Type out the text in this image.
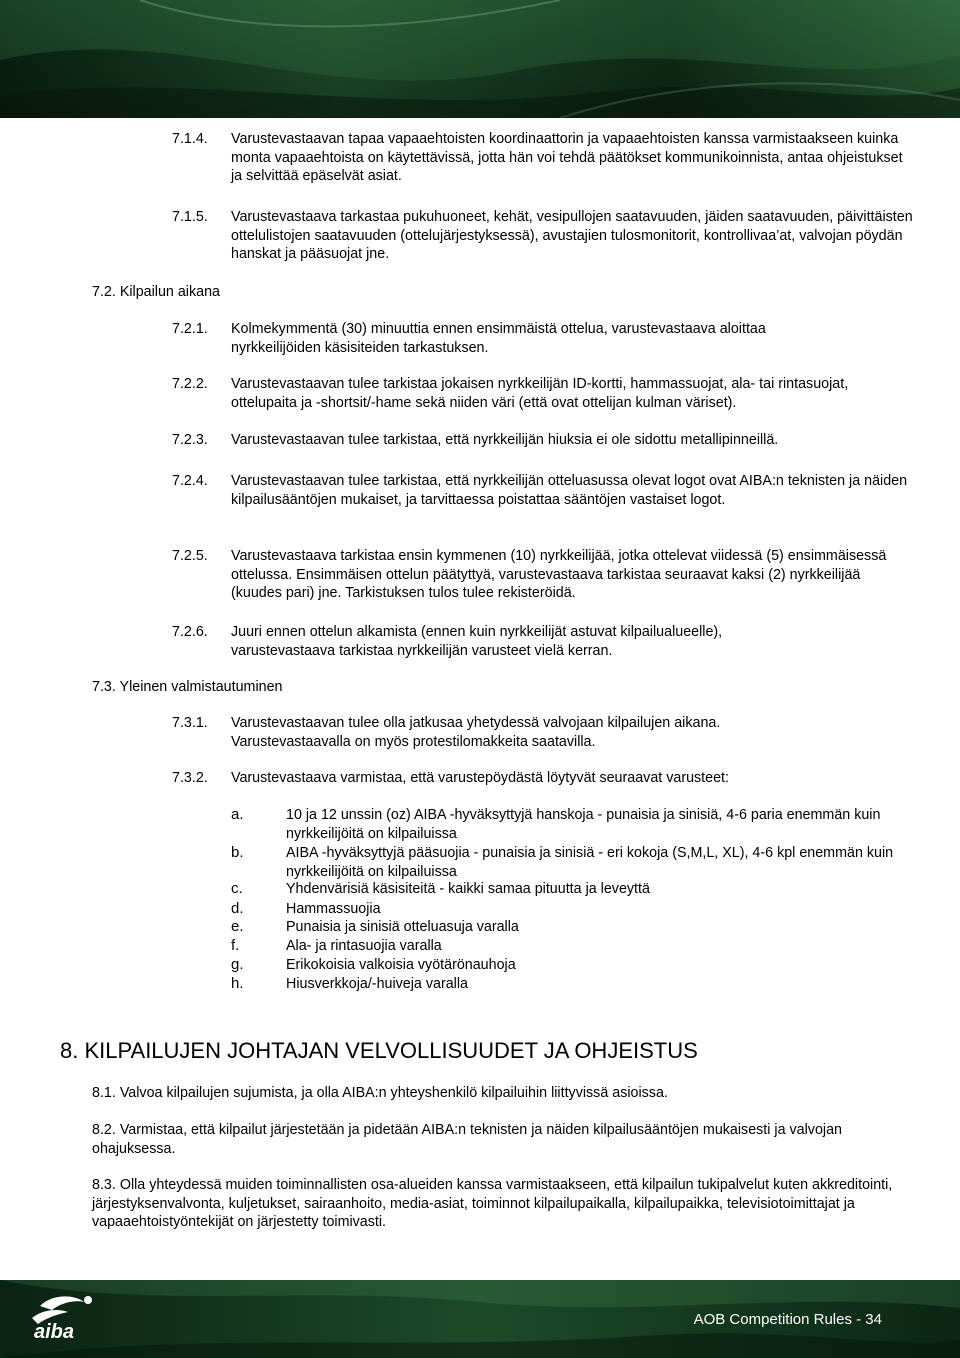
7.1.4. Varustevastaavan tapaa vapaaehtoisten koordinaattorin ja vapaaehtoisten kanssa varmistaakseen kuinka monta vapaaehtoista on käytettävissä, jotta hän voi tehdä päätökset kommunikoinnista, antaa ohjeistukset ja selvittää epäselvät asiat.
7.1.5. Varustevastaava tarkastaa pukuhuoneet, kehät, vesipullojen saatavuuden, jäiden saatavuuden, päivittäisten ottelulistojen saatavuuden (ottelujärjestyksessä), avustajien tulosmonitorit, kontrollivaa’at, valvojan pöydän hanskat ja pääsuojat jne.
7.2. Kilpailun aikana
7.2.1. Kolmekymmentä (30) minuuttia ennen ensimmäistä ottelua, varustevastaava aloittaa nyrkkeilijöiden käsisiteiden tarkastuksen.
7.2.2. Varustevastaavan tulee tarkistaa jokaisen nyrkkeilijän ID-kortti, hammassuojat, ala- tai rintasuojat, ottelupaita ja -shortsit/-hame sekä niiden väri (että ovat ottelijan kulman väriset).
7.2.3. Varustevastaavan tulee tarkistaa, että nyrkkeilijän hiuksia ei ole sidottu metallipinneillä.
7.2.4. Varustevastaavan tulee tarkistaa, että nyrkkeilijän otteluasussa olevat logot ovat AIBA:n teknisten ja näiden kilpailusääntöjen mukaiset, ja tarvittaessa poistattaa sääntöjen vastaiset logot.
7.2.5. Varustevastaava tarkistaa ensin kymmenen (10) nyrkkeilijää, jotka ottelevat viidessä (5) ensimmäisessä ottelussa. Ensimmäisen ottelun päätyttyä, varustevastaava tarkistaa seuraavat kaksi (2) nyrkkeilijää (kuudes pari) jne. Tarkistuksen tulos tulee rekisteröidä.
7.2.6. Juuri ennen ottelun alkamista (ennen kuin nyrkkeilijät astuvat kilpailualueelle), varustevastaava tarkistaa nyrkkeilijän varusteet vielä kerran.
7.3. Yleinen valmistautuminen
7.3.1. Varustevastaavan tulee olla jatkusaa yhetydessä valvojaan kilpailujen aikana. Varustevastaavalla on myös protestilomakkeita saatavilla.
7.3.2. Varustevastaava varmistaa, että varustepöydästä löytyvät seuraavat varusteet:
a.	10 ja 12 unssin (oz) AIBA -hyväksyttyjä hanskoja - punaisia ja sinisiä, 4-6 paria enemmän kuin nyrkkeilijöitä on kilpailuissa
b.	AIBA -hyväksyttyjä pääsuojia - punaisia ja sinisiä - eri kokoja (S,M,L, XL), 4-6 kpl enemmän kuin nyrkkeilijöitä on kilpailuissa
c.	Yhdenvärisiä käsisiteitä - kaikki samaa pituutta ja leveyttä
d.	Hammassuojia
e.	Punaisia ja sinisiä otteluasuja varalla
f.	Ala- ja rintasuojia varalla
g.	Erikokoisia valkoisia vyötärönauhoja
h.	Hiusverkkoja/-huiveja varalla
8. KILPAILUJEN JOHTAJAN VELVOLLISUUDET JA OHJEISTUS
8.1. Valvoa kilpailujen sujumista, ja olla AIBA:n yhteyshenkilö kilpailuihin liittyvissä asioissa.
8.2. Varmistaa, että kilpailut järjestetään ja pidetään AIBA:n teknisten ja näiden kilpailusääntöjen mukaisesti ja valvojan ohajuksessa.
8.3. Olla yhteydessä muiden toiminnallisten osa-alueiden kanssa varmistaakseen, että kilpailun tukipalvelut kuten akkreditointi, järjestyksenvalvonta, kuljetukset, sairaanhoito, media-asiat, toiminnot kilpailupaikalla, kilpailupaikka, televisiotoimittajat ja vapaaehtoistyöntekijät on järjestetty toimivasti.
aiba
AOB Competition Rules - 34
